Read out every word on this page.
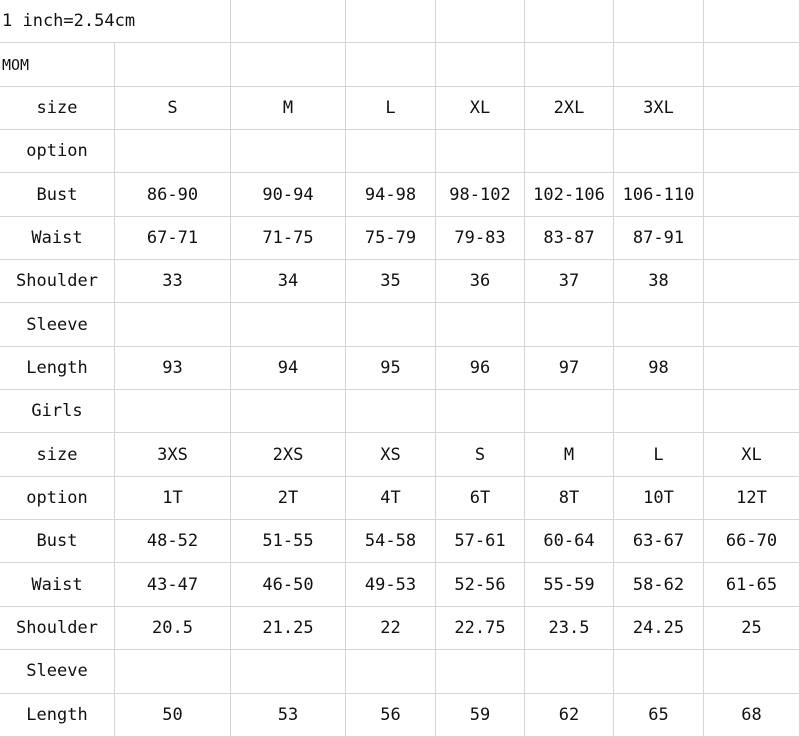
1 inch=2.54cm
MOM
size	S	M	L	XL	2XL	3XL
option
Bust	86-90	90-94	94-98	98-102	102-106	106-110
Waist	67-71	71-75	75-79	79-83	83-87	87-91
Shoulder	33	34	35	36	37	38
Sleeve
Length	93	94	95	96	97	98
Girls
size	3XS	2XS	XS	S	M	L	XL
option	1T	2T	4T	6T	8T	10T	12T
Bust	48-52	51-55	54-58	57-61	60-64	63-67	66-70
Waist	43-47	46-50	49-53	52-56	55-59	58-62	61-65
Shoulder	20.5	21.25	22	22.75	23.5	24.25	25
Sleeve
Length	50	53	56	59	62	65	68
